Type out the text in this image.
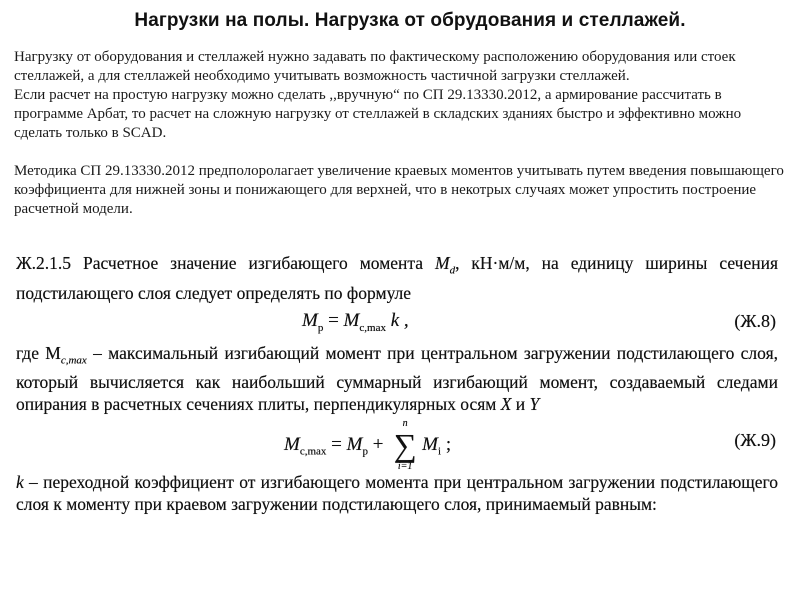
Нагрузки на полы. Нагрузка от обрудования и стеллажей.

Нагрузку от оборудования и стеллажей нужно задавать по фактическому расположению оборудования или стоек стеллажей, а для стеллажей необходимо учитывать возможность частичной загрузки стеллажей.

Если расчет на простую нагрузку можно сделать ,,вручную“ по СП 29.13330.2012, а армирование рассчитать в программе Арбат, то расчет на сложную нагрузку от стеллажей в складских зданиях быстро и эффективно можно сделать только в SCAD.

Методика СП 29.13330.2012 предполоролагает увеличение краевых моментов учитывать путем введения повышающего коэффициента для нижней зоны и понижающего для верхней, что в некотрых случаях может упростить построение расчетной модели.

Ж.2.1.5 Расчетное значение изгибающего момента $M_d$, кН·м/м, на единицу ширины сечения подстилающего слоя следует определять по формуле

$M_р = M_{c,max}$ k ,	(Ж.8)

где $M_{c,max}$ – максимальный изгибающий момент при центральном загружении подстилающего слоя, который вычисляется как наибольший суммарный изгибающий момент, создаваемый следами опирания в расчетных сечениях плиты, перпендикулярных осям X и Y

$M_{c,max} = M_р$ +
n
∑
i=1
$M_i$ ;	(Ж.9)

k – переходной коэффициент от изгибающего момента при центральном загружении подстилающего слоя к моменту при краевом загружении подстилающего слоя, принимаемый равным:
